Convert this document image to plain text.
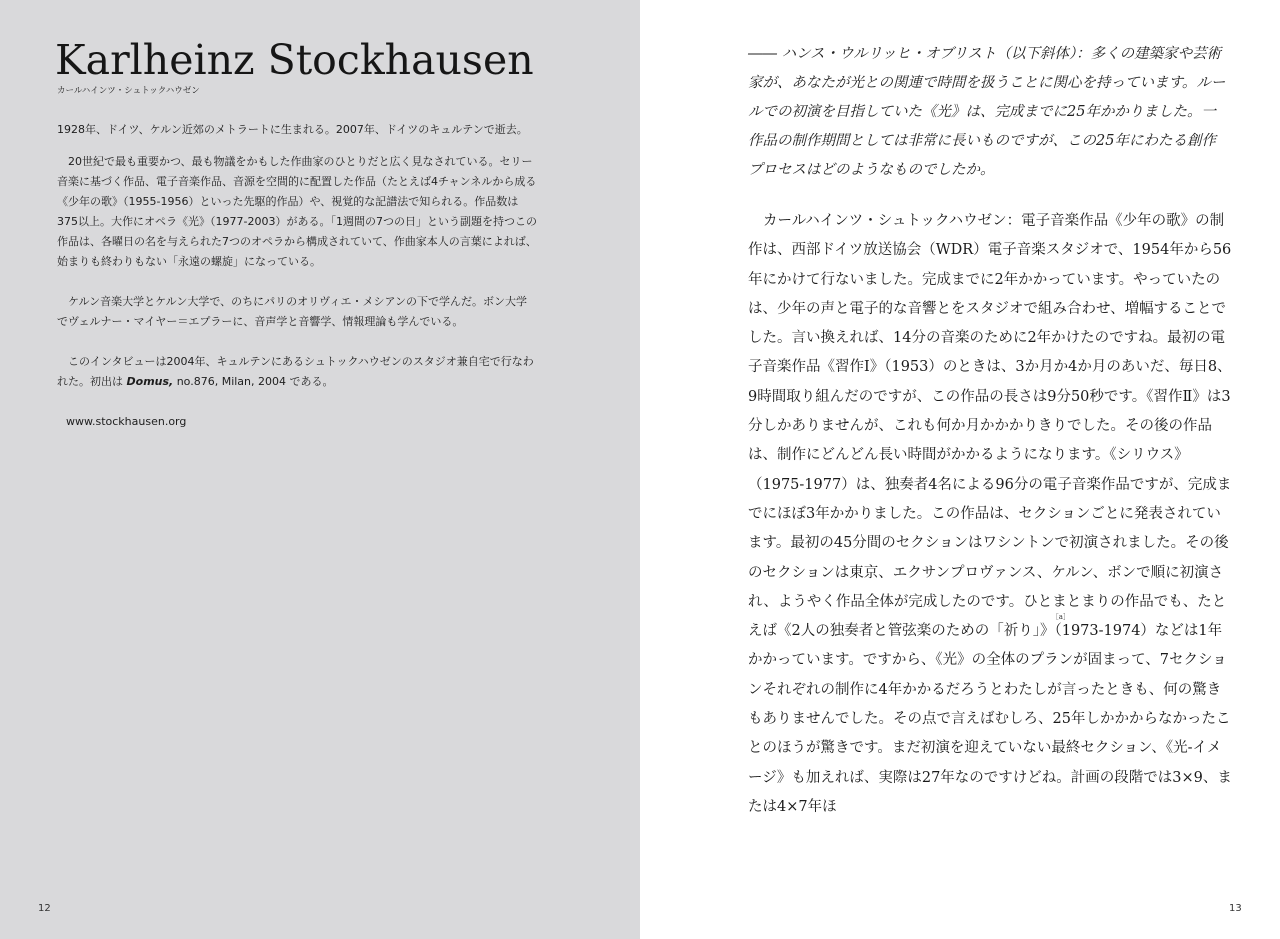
Karlheinz Stockhausen
カールハインツ・シュトックハウゼン

1928年、ドイツ、ケルン近郊のメトラートに生まれる。2007年、ドイツのキュルテンで逝去。

20世紀で最も重要かつ、最も物議をかもした作曲家のひとりだと広く見なされている。セリー音楽に基づく作品、電子音楽作品、音源を空間的に配置した作品（たとえば4チャンネルから成る《少年の歌》（1955-1956）といった先駆的作品）や、視覚的な記譜法で知られる。作品数は375以上。大作にオペラ《光》（1977-2003）がある。「1週間の7つの日」という副題を持つこの作品は、各曜日の名を与えられた7つのオペラから構成されていて、作曲家本人の言葉によれば、始まりも終わりもない「永遠の螺旋」になっている。

ケルン音楽大学とケルン大学で、のちにパリのオリヴィエ・メシアンの下で学んだ。ボン大学でヴェルナー・マイヤー＝エプラーに、音声学と音響学、情報理論も学んでいる。

このインタビューは2004年、キュルテンにあるシュトックハウゼンのスタジオ兼自宅で行なわれた。初出は Domus, no.876, Milan, 2004 である。

www.stockhausen.org

12

―― ハンス・ウルリッヒ・オブリスト（以下斜体）：多くの建築家や芸術家が、あなたが光との関連で時間を扱うことに関心を持っています。ルールでの初演を目指していた《光》は、完成までに25年かかりました。一作品の制作期間としては非常に長いものですが、この25年にわたる創作プロセスはどのようなものでしたか。

カールハインツ・シュトックハウゼン：電子音楽作品《少年の歌》の制作は、西部ドイツ放送協会（WDR）電子音楽スタジオで、1954年から56年にかけて行ないました。完成までに2年かかっています。やっていたのは、少年の声と電子的な音響とをスタジオで組み合わせ、増幅することでした。言い換えれば、14分の音楽のために2年かけたのですね。最初の電子音楽作品《習作Ⅰ》（1953）のときは、3か月か4か月のあいだ、毎日8、9時間取り組んだのですが、この作品の長さは9分50秒です。《習作Ⅱ》は3分しかありませんが、これも何か月かかかりきりでした。その後の作品は、制作にどんどん長い時間がかかるようになります。《シリウス》（1975-1977）は、独奏者4名による96分の電子音楽作品ですが、完成までにほぼ3年かかりました。この作品は、セクションごとに発表されています。最初の45分間のセクションはワシントンで初演されました。その後のセクションは東京、エクサンプロヴァンス、ケルン、ボンで順に初演され、ようやく作品全体が完成したのです。ひとまとまりの作品でも、たとえば《2人の独奏者と管弦楽のための「祈り
［a］
」》（1973-1974）などは1年かかっています。ですから、《光》の全体のプランが固まって、7セクションそれぞれの制作に4年かかるだろうとわたしが言ったときも、何の驚きもありませんでした。その点で言えばむしろ、25年しかかからなかったことのほうが驚きです。まだ初演を迎えていない最終セクション、《光-イメージ》も加えれば、実際は27年なのですけどね。計画の段階では3×9、または4×7年ほ

13
